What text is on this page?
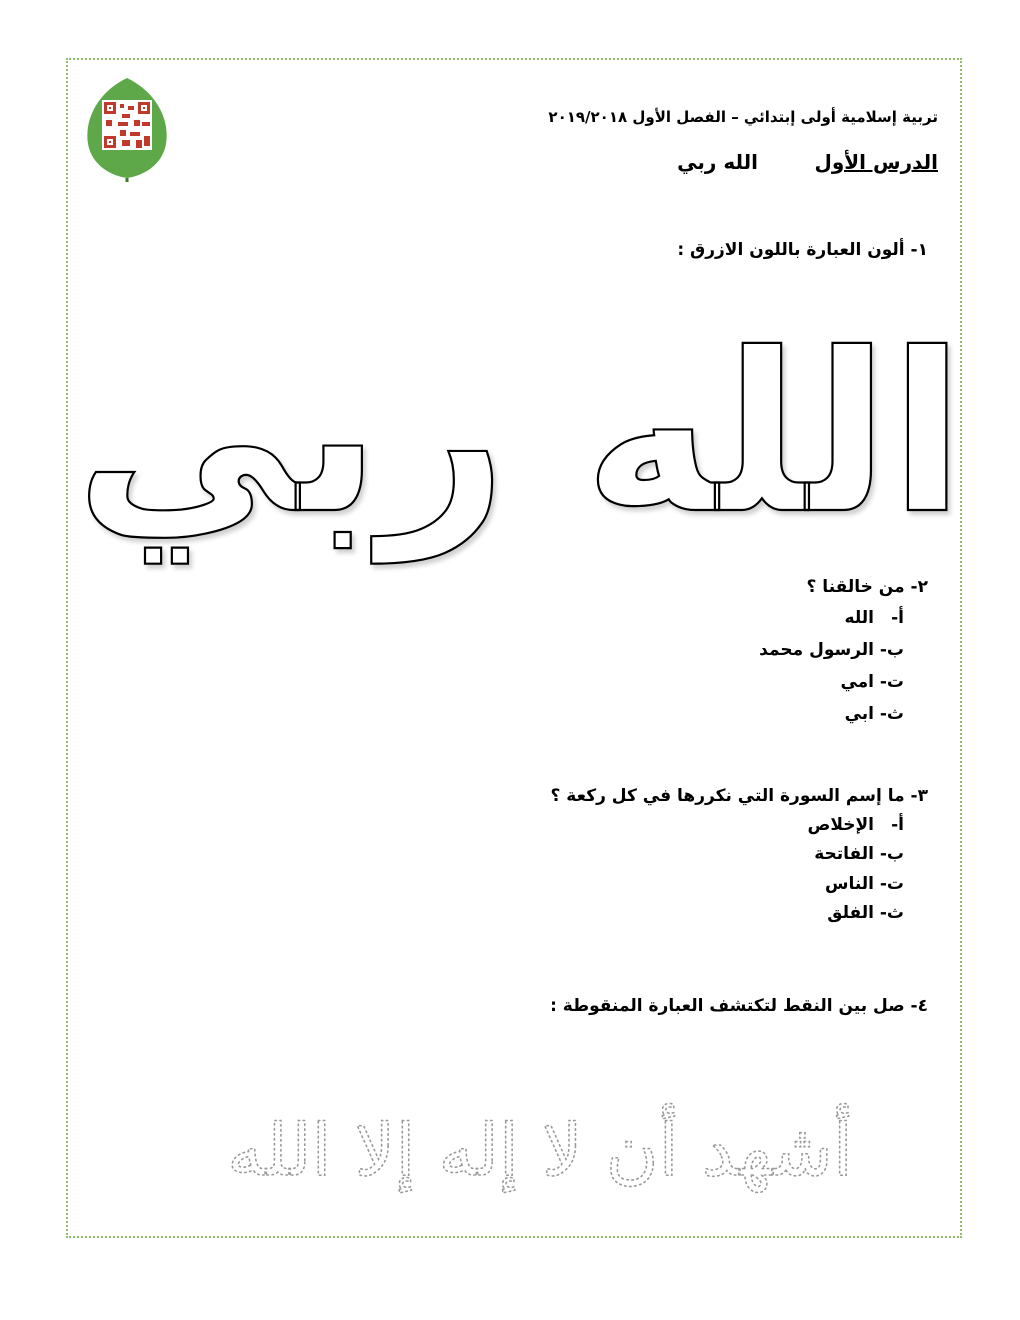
تربية إسلامية أولى إبتدائي – الفصل الأول ٢٠١٩/٢٠١٨
الدرس الأول
الله ربي
١- ألون العبارة باللون الازرق :
الله ربي
٢- من خالقنا ؟
أ-الله
ب-الرسول محمد
ت-امي
ث-ابي
٣- ما إسم السورة التي نكررها في كل ركعة ؟
أ-الإخلاص
ب-الفاتحة
ت-الناس
ث-الفلق
٤- صل بين النقط لتكتشف العبارة المنقوطة :
أشهد أن لا إله إلا الله
